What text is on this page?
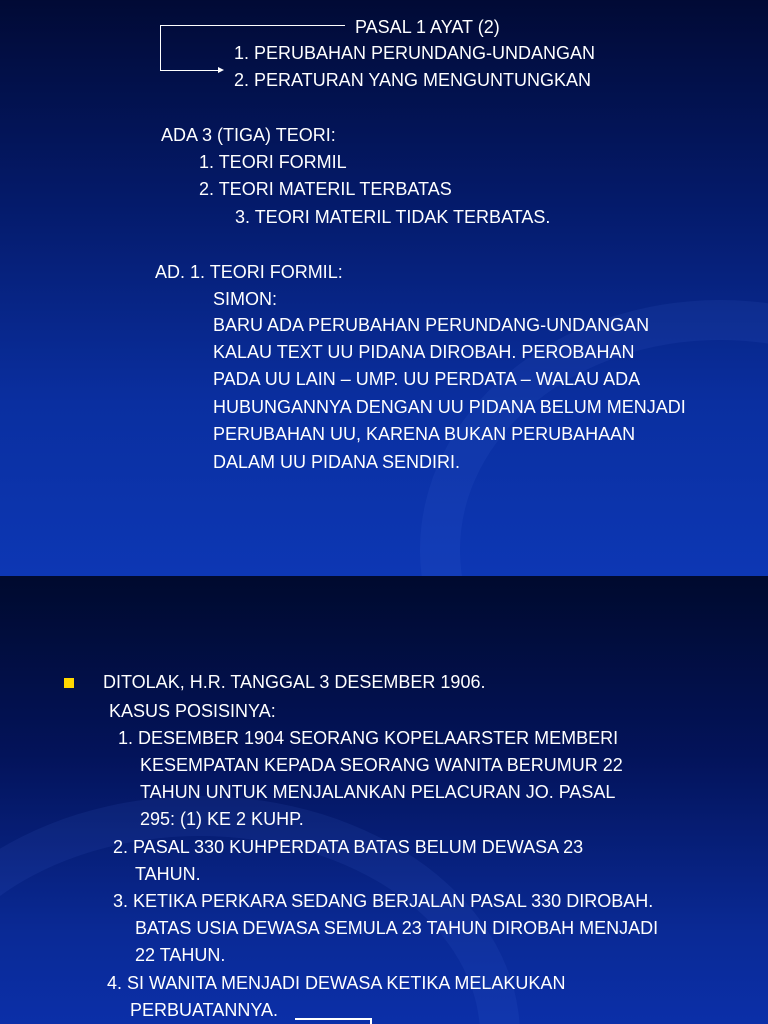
PASAL 1 AYAT (2)
1. PERUBAHAN PERUNDANG-UNDANGAN
2. PERATURAN YANG MENGUNTUNGKAN
ADA 3 (TIGA) TEORI:
1. TEORI FORMIL
2. TEORI MATERIL TERBATAS
3. TEORI MATERIL TIDAK TERBATAS.
AD. 1. TEORI FORMIL:
SIMON:
BARU ADA PERUBAHAN PERUNDANG-UNDANGAN
KALAU TEXT UU PIDANA DIROBAH. PEROBAHAN
PADA UU LAIN – UMP. UU PERDATA – WALAU ADA
HUBUNGANNYA DENGAN UU PIDANA BELUM MENJADI
PERUBAHAN UU, KARENA BUKAN PERUBAHAAN
DALAM UU PIDANA SENDIRI.
DITOLAK, H.R. TANGGAL 3 DESEMBER 1906.
KASUS POSISINYA:
1. DESEMBER 1904 SEORANG KOPELAARSTER MEMBERI
KESEMPATAN KEPADA SEORANG WANITA BERUMUR 22
TAHUN UNTUK MENJALANKAN PELACURAN JO. PASAL
295: (1) KE 2 KUHP.
2. PASAL 330 KUHPERDATA BATAS BELUM DEWASA 23
TAHUN.
3. KETIKA PERKARA SEDANG BERJALAN PASAL 330 DIROBAH.
BATAS USIA DEWASA SEMULA 23 TAHUN DIROBAH MENJADI
22 TAHUN.
4. SI WANITA MENJADI DEWASA KETIKA MELAKUKAN
PERBUATANNYA.
